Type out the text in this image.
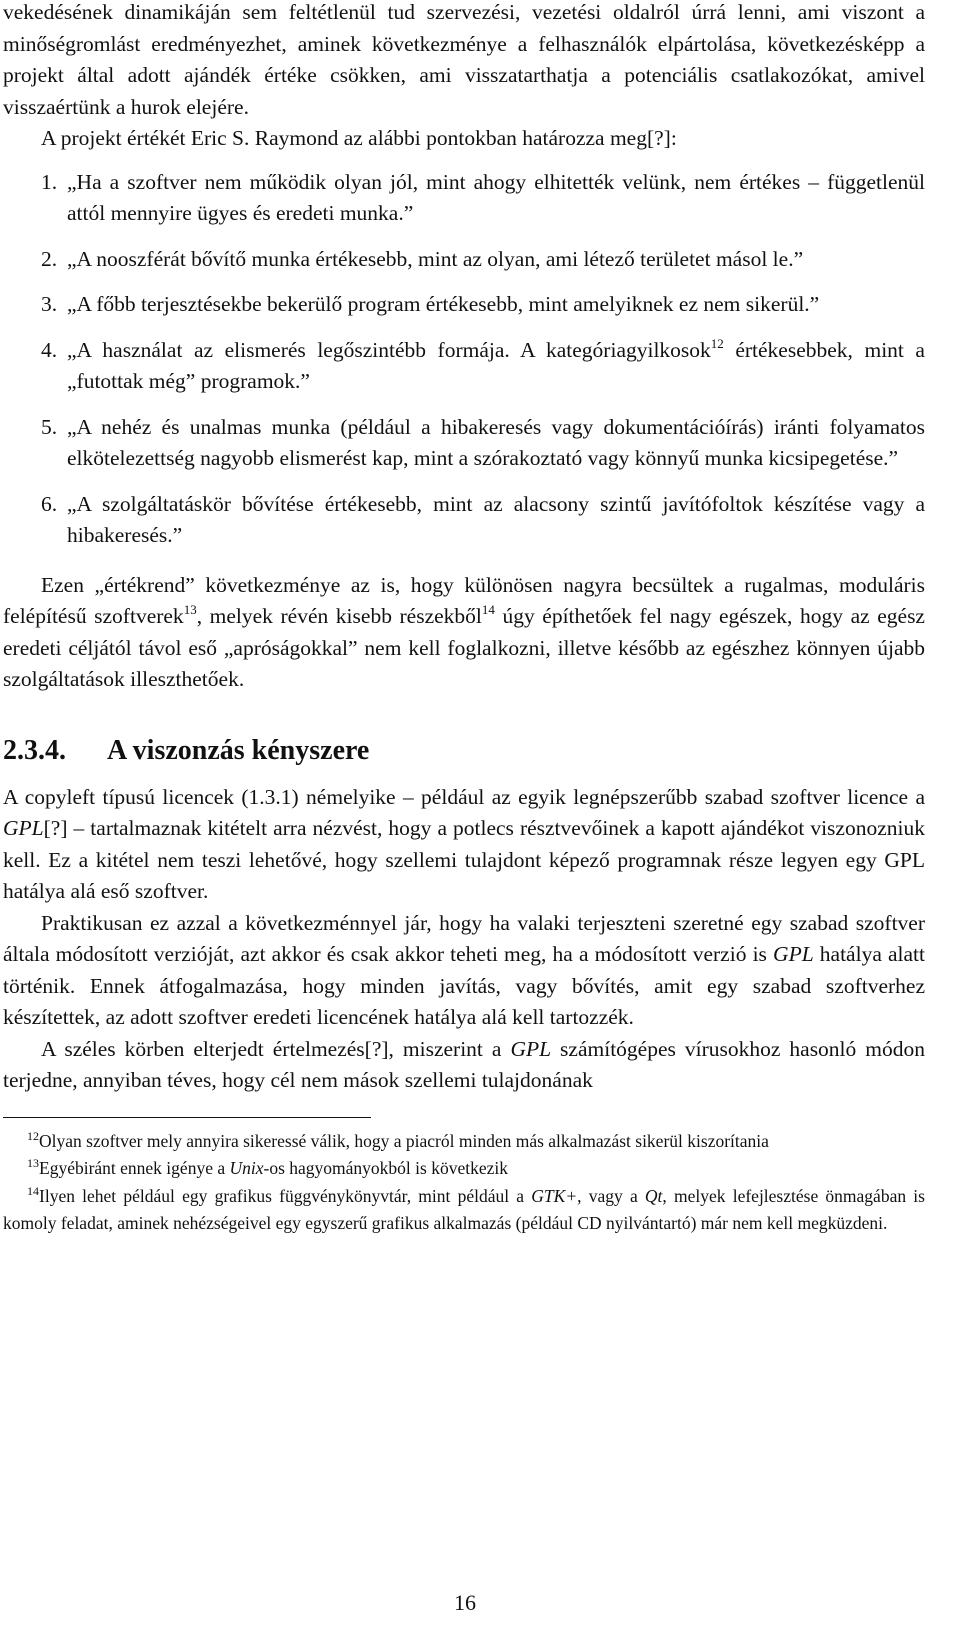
vekedésének dinamikáján sem feltétlenül tud szervezési, vezetési oldalról úrrá lenni, ami viszont a minőségromlást eredményezhet, aminek következménye a felhasználók elpártolása, következésképp a projekt által adott ajándék értéke csökken, ami visszatarthatja a potenciális csatlakozókat, amivel visszaértünk a hurok elejére.

A projekt értékét Eric S. Raymond az alábbi pontokban határozza meg[?]:

1. „Ha a szoftver nem működik olyan jól, mint ahogy elhitették velünk, nem értékes – függetlenül attól mennyire ügyes és eredeti munka.”
2. „A nooszférát bővítő munka értékesebb, mint az olyan, ami létező területet másol le.”
3. „A főbb terjesztésekbe bekerülő program értékesebb, mint amelyiknek ez nem sikerül.”
4. „A használat az elismerés legőszintébb formája. A kategóriagyilkosok$^{12}$ értékesebbek, mint a „futottak még” programok.”
5. „A nehéz és unalmas munka (például a hibakeresés vagy dokumentációírás) iránti folyamatos elkötelezettség nagyobb elismerést kap, mint a szórakoztató vagy könnyű munka kicsipegetése.”
6. „A szolgáltatáskör bővítése értékesebb, mint az alacsony szintű javítófoltok készítése vagy a hibakeresés.”

Ezen „értékrend” következménye az is, hogy különösen nagyra becsültek a rugalmas, moduláris felépítésű szoftverek$^{13}$, melyek révén kisebb részekből$^{14}$ úgy építhetőek fel nagy egészek, hogy az egész eredeti céljától távol eső „apróságokkal” nem kell foglalkozni, illetve később az egészhez könnyen újabb szolgáltatások illeszthetőek.

2.3.4. A viszonzás kényszere

A copyleft típusú licencek (1.3.1) némelyike – például az egyik legnépszerűbb szabad szoftver licence a GPL[?] – tartalmaznak kitételt arra nézvést, hogy a potlecs résztvevőinek a kapott ajándékot viszonozniuk kell. Ez a kitétel nem teszi lehetővé, hogy szellemi tulajdont képező programnak része legyen egy GPL hatálya alá eső szoftver.

Praktikusan ez azzal a következménnyel jár, hogy ha valaki terjeszteni szeretné egy szabad szoftver általa módosított verzióját, azt akkor és csak akkor teheti meg, ha a módosított verzió is GPL hatálya alatt történik. Ennek átfogalmazása, hogy minden javítás, vagy bővítés, amit egy szabad szoftverhez készítettek, az adott szoftver eredeti licencének hatálya alá kell tartozzék.

A széles körben elterjedt értelmezés[?], miszerint a GPL számítógépes vírusokhoz hasonló módon terjedne, annyiban téves, hogy cél nem mások szellemi tulajdonának

$^{12}$Olyan szoftver mely annyira sikeressé válik, hogy a piacról minden más alkalmazást sikerül kiszorítania

$^{13}$Egyébiránt ennek igénye a Unix-os hagyományokból is következik

$^{14}$Ilyen lehet például egy grafikus függvénykönyvtár, mint például a GTK+, vagy a Qt, melyek lefejlesztése önmagában is komoly feladat, aminek nehézségeivel egy egyszerű grafikus alkalmazás (például CD nyilvántartó) már nem kell megküzdeni.

16
